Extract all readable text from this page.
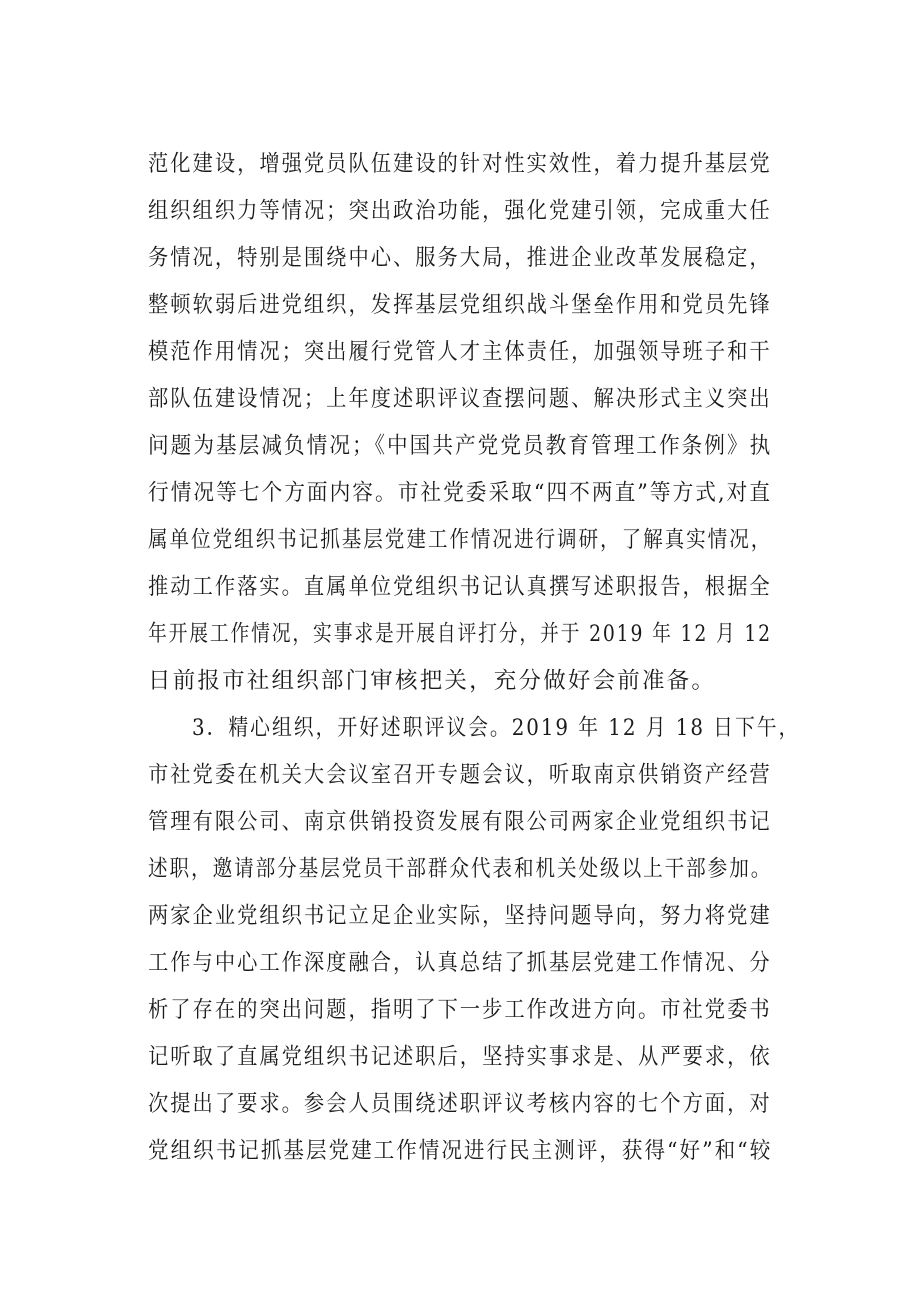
范化建设，增强党员队伍建设的针对性实效性，着力提升基层党
组织组织力等情况；突出政治功能，强化党建引领，完成重大任
务情况，特别是围绕中心、服务大局，推进企业改革发展稳定，
整顿软弱后进党组织，发挥基层党组织战斗堡垒作用和党员先锋
模范作用情况；突出履行党管人才主体责任，加强领导班子和干
部队伍建设情况；上年度述职评议查摆问题、解决形式主义突出
问题为基层减负情况；《中国共产党党员教育管理工作条例》执
行情况等七个方面内容。市社党委采取“四不两直”等方式,对直
属单位党组织书记抓基层党建工作情况进行调研，了解真实情况，
推动工作落实。直属单位党组织书记认真撰写述职报告，根据全
年开展工作情况，实事求是开展自评打分，并于 2019 年 12 月 12
日前报市社组织部门审核把关，充分做好会前准备。
3．精心组织，开好述职评议会。2019 年 12 月 18 日下午，
市社党委在机关大会议室召开专题会议，听取南京供销资产经营
管理有限公司、南京供销投资发展有限公司两家企业党组织书记
述职，邀请部分基层党员干部群众代表和机关处级以上干部参加。
两家企业党组织书记立足企业实际，坚持问题导向，努力将党建
工作与中心工作深度融合，认真总结了抓基层党建工作情况、分
析了存在的突出问题，指明了下一步工作改进方向。市社党委书
记听取了直属党组织书记述职后，坚持实事求是、从严要求，依
次提出了要求。参会人员围绕述职评议考核内容的七个方面，对
党组织书记抓基层党建工作情况进行民主测评，获得“好”和“较
